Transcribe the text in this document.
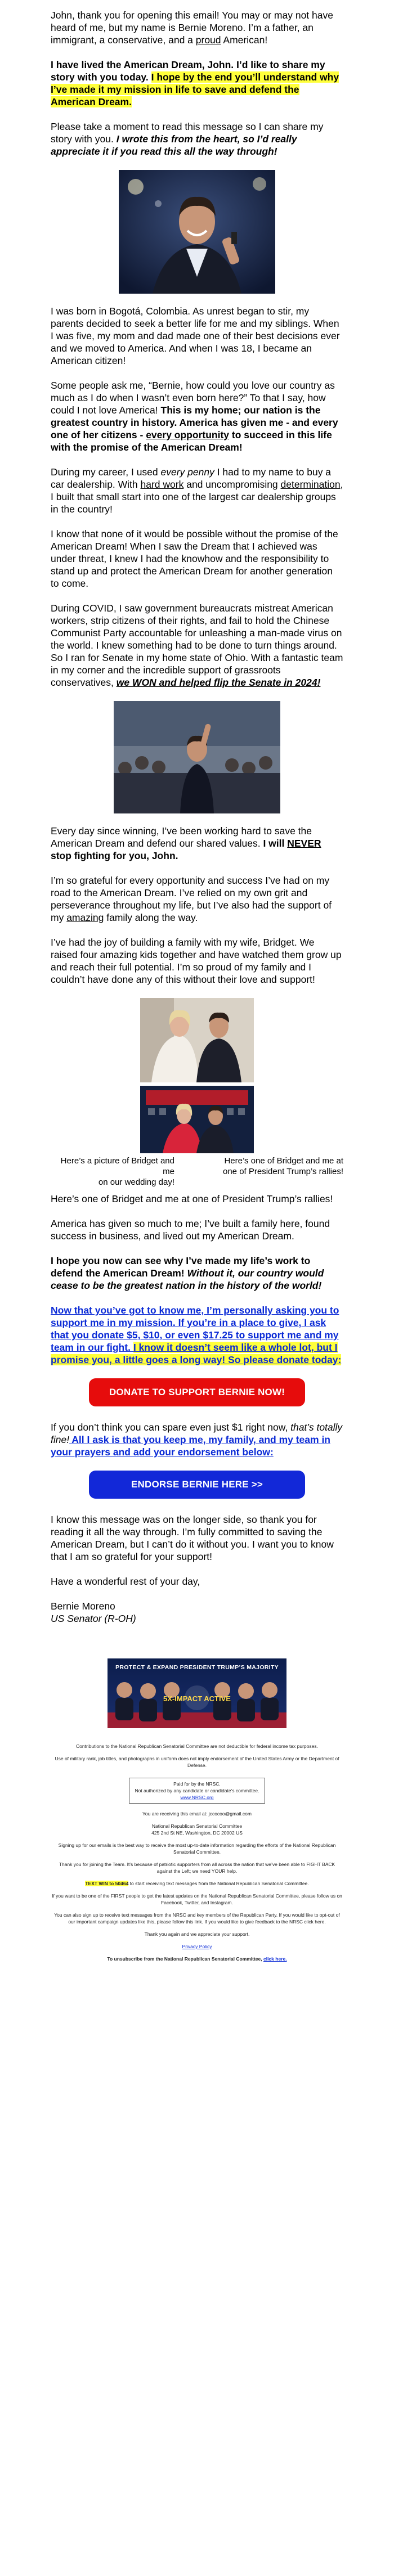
John, thank you for opening this email! You may or may not have heard of me, but my name is Bernie Moreno. I’m a father, an immigrant, a conservative, and a proud American!

I have lived the American Dream, John. I’d like to share my story with you today. I hope by the end you’ll understand why I’ve made it my mission in life to save and defend the American Dream.

Please take a moment to read this message so I can share my story with you. I wrote this from the heart, so I’d really appreciate it if you read this all the way through!

I was born in Bogotá, Colombia. As unrest began to stir, my parents decided to seek a better life for me and my siblings. When I was five, my mom and dad made one of their best decisions ever and we moved to America. And when I was 18, I became an American citizen!

Some people ask me, “Bernie, how could you love our country as much as I do when I wasn’t even born here?” To that I say, how could I not love America! This is my home; our nation is the greatest country in history. America has given me - and every one of her citizens - every opportunity to succeed in this life with the promise of the American Dream!

During my career, I used every penny I had to my name to buy a car dealership. With hard work and uncompromising determination, I built that small start into one of the largest car dealership groups in the country!

I know that none of it would be possible without the promise of the American Dream! When I saw the Dream that I achieved was under threat, I knew I had the knowhow and the responsibility to stand up and protect the American Dream for another generation to come.

During COVID, I saw government bureaucrats mistreat American workers, strip citizens of their rights, and fail to hold the Chinese Communist Party accountable for unleashing a man-made virus on the world. I knew something had to be done to turn things around. So I ran for Senate in my home state of Ohio. With a fantastic team in my corner and the incredible support of grassroots conservatives, we WON and helped flip the Senate in 2024!

Every day since winning, I’ve been working hard to save the American Dream and defend our shared values. I will NEVER stop fighting for you, John.

I’m so grateful for every opportunity and success I’ve had on my road to the American Dream. I’ve relied on my own grit and perseverance throughout my life, but I’ve also had the support of my amazing family along the way.

I’ve had the joy of building a family with my wife, Bridget. We raised four amazing kids together and have watched them grow up and reach their full potential. I’m so proud of my family and I couldn’t have done any of this without their love and support!

Here’s a picture of Bridget and me
on our wedding day!
Here’s one of Bridget and me at
one of President Trump’s rallies!

Here’s one of Bridget and me at one of President Trump’s rallies!

America has given so much to me; I’ve built a family here, found success in business, and lived out my American Dream.

I hope you now can see why I’ve made my life’s work to defend the American Dream! Without it, our country would cease to be the greatest nation in the history of the world!

Now that you’ve got to know me, I’m personally asking you to support me in my mission. If you’re in a place to give, I ask that you donate $5, $10, or even $17.25 to support me and my team in our fight. I know it doesn’t seem like a whole lot, but I promise you, a little goes a long way! So please donate today:

DONATE TO SUPPORT BERNIE NOW!

If you don’t think you can spare even just $1 right now, that’s totally fine! All I ask is that you keep me, my family, and my team in your prayers and add your endorsement below:

ENDORSE BERNIE HERE >>

I know this message was on the longer side, so thank you for reading it all the way through. I’m fully committed to saving the American Dream, but I can’t do it without you. I want you to know that I am so grateful for your support!

Have a wonderful rest of your day,

Bernie Moreno
US Senator (R-OH)

PROTECT & EXPAND PRESIDENT TRUMP’S MAJORITY
5X-IMPACT ACTIVE

Contributions to the National Republican Senatorial Committee are not deductible for federal income tax purposes.

Use of military rank, job titles, and photographs in uniform does not imply endorsement of the United States Army or the Department of Defense.

Paid for by the NRSC.
Not authorized by any candidate or candidate’s committee.
www.NRSC.org

You are receiving this email at: jccocoo@gmail.com

National Republican Senatorial Committee
425 2nd St NE, Washington, DC 20002 US

Signing up for our emails is the best way to receive the most up-to-date information regarding the efforts of the National Republican Senatorial Committee.

Thank you for joining the Team. It’s because of patriotic supporters from all across the nation that we’ve been able to FIGHT BACK against the Left; we need YOUR help.

TEXT WIN to 50464 to start receiving text messages from the National Republican Senatorial Committee.

If you want to be one of the FIRST people to get the latest updates on the National Republican Senatorial Committee, please follow us on Facebook, Twitter, and Instagram.

You can also sign up to receive text messages from the NRSC and key members of the Republican Party. If you would like to opt-out of our important campaign updates like this, please follow this link. If you would like to give feedback to the NRSC click here.

Thank you again and we appreciate your support.

Privacy Policy

To unsubscribe from the National Republican Senatorial Committee, click here.
